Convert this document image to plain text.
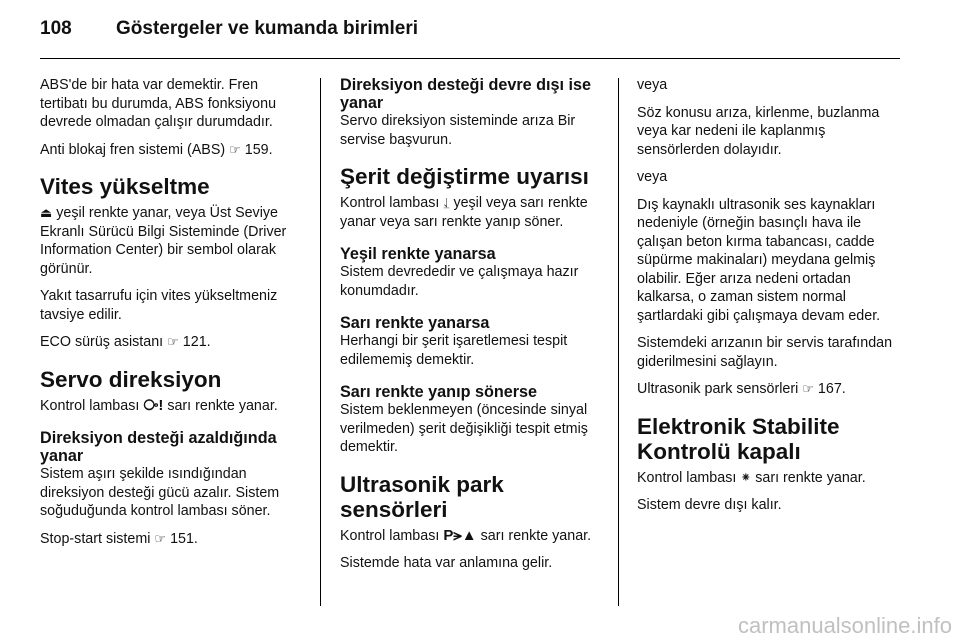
108 Göstergeler ve kumanda birimleri

ABS'de bir hata var demektir. Fren tertibatı bu durumda, ABS fonksiyonu devrede olmadan çalışır durumdadır.

Anti blokaj fren sistemi (ABS) ☞ 159.

Vites yükseltme

⏏ yeşil renkte yanar, veya Üst Seviye Ekranlı Sürücü Bilgi Sisteminde (Driver Information Center) bir sembol olarak görünür.

Yakıt tasarrufu için vites yükseltmeniz tavsiye edilir.

ECO sürüş asistanı ☞ 121.

Servo direksiyon

Kontrol lambası ⧂! sarı renkte yanar.

Direksiyon desteği azaldığında yanar

Sistem aşırı şekilde ısındığından direksiyon desteği gücü azalır. Sistem soğuduğunda kontrol lambası söner.

Stop-start sistemi ☞ 151.

Direksiyon desteği devre dışı ise yanar

Servo direksiyon sisteminde arıza Bir servise başvurun.

Şerit değiştirme uyarısı

Kontrol lambası ⥙ yeşil veya sarı renkte yanar veya sarı renkte yanıp söner.

Yeşil renkte yanarsa

Sistem devrededir ve çalışmaya hazır konumdadır.

Sarı renkte yanarsa

Herhangi bir şerit işaretlemesi tespit edilememiş demektir.

Sarı renkte yanıp sönerse

Sistem beklenmeyen (öncesinde sinyal verilmeden) şerit değişikliği tespit etmiş demektir.

Ultrasonik park sensörleri

Kontrol lambası P⪫▲ sarı renkte yanar.

Sistemde hata var anlamına gelir.

veya

Söz konusu arıza, kirlenme, buzlanma veya kar nedeni ile kaplanmış sensörlerden dolayıdır.

veya

Dış kaynaklı ultrasonik ses kaynakları nedeniyle (örneğin basınçlı hava ile çalışan beton kırma tabancası, cadde süpürme makinaları) meydana gelmiş olabilir. Eğer arıza nedeni ortadan kalkarsa, o zaman sistem normal şartlardaki gibi çalışmaya devam eder.

Sistemdeki arızanın bir servis tarafından giderilmesini sağlayın.

Ultrasonik park sensörleri ☞ 167.

Elektronik Stabilite Kontrolü kapalı

Kontrol lambası ⁕ sarı renkte yanar.

Sistem devre dışı kalır.

carmanualsonline.info
